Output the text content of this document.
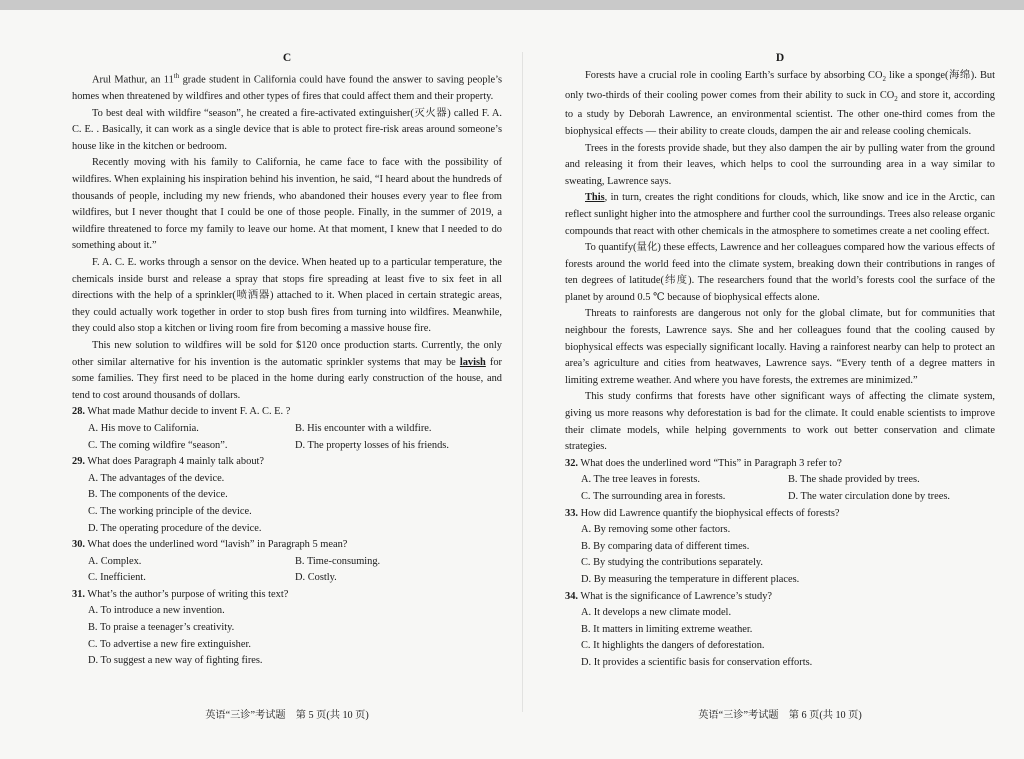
C

Arul Mathur, an 11th grade student in California could have found the answer to saving people’s homes when threatened by wildfires and other types of fires that could affect them and their property.

To best deal with wildfire “season”, he created a fire-activated extinguisher(灭火器) called F. A. C. E. . Basically, it can work as a single device that is able to protect fire-risk areas around someone’s house like in the kitchen or bedroom.

Recently moving with his family to California, he came face to face with the possibility of wildfires. When explaining his inspiration behind his invention, he said, “I heard about the hundreds of thousands of people, including my new friends, who abandoned their houses every year to flee from wildfires, but I never thought that I could be one of those people. Finally, in the summer of 2019, a wildfire threatened to force my family to leave our home. At that moment, I knew that I needed to do something about it.”

F. A. C. E. works through a sensor on the device. When heated up to a particular temperature, the chemicals inside burst and release a spray that stops fire spreading at least five to six feet in all directions with the help of a sprinkler(喷洒器) attached to it. When placed in certain strategic areas, they could actually work together in order to stop bush fires from turning into wildfires. Meanwhile, they could also stop a kitchen or living room fire from becoming a massive house fire.

This new solution to wildfires will be sold for $120 once production starts. Currently, the only other similar alternative for his invention is the automatic sprinkler systems that may be lavish for some families. They first need to be placed in the home during early construction of the house, and tend to cost around thousands of dollars.

28. What made Mathur decide to invent F. A. C. E. ?

A. His move to California.	B. His encounter with a wildfire.
C. The coming wildfire “season”.	D. The property losses of his friends.

29. What does Paragraph 4 mainly talk about?

A. The advantages of the device.
B. The components of the device.
C. The working principle of the device.
D. The operating procedure of the device.

30. What does the underlined word “lavish” in Paragraph 5 mean?

A. Complex.	B. Time-consuming.
C. Inefficient.	D. Costly.

31. What’s the author’s purpose of writing this text?

A. To introduce a new invention.
B. To praise a teenager’s creativity.
C. To advertise a new fire extinguisher.
D. To suggest a new way of fighting fires.
D

Forests have a crucial role in cooling Earth’s surface by absorbing $CO_2$ like a sponge(海绵). But only two-thirds of their cooling power comes from their ability to suck in $CO_2$ and store it, according to a study by Deborah Lawrence, an environmental scientist. The other one-third comes from the biophysical effects — their ability to create clouds, dampen the air and release cooling chemicals.

Trees in the forests provide shade, but they also dampen the air by pulling water from the ground and releasing it from their leaves, which helps to cool the surrounding area in a way similar to sweating, Lawrence says.

This, in turn, creates the right conditions for clouds, which, like snow and ice in the Arctic, can reflect sunlight higher into the atmosphere and further cool the surroundings. Trees also release organic compounds that react with other chemicals in the atmosphere to sometimes create a net cooling effect.

To quantify(量化) these effects, Lawrence and her colleagues compared how the various effects of forests around the world feed into the climate system, breaking down their contributions in ranges of ten degrees of latitude(纬度). The researchers found that the world’s forests cool the surface of the planet by around 0.5 ℃ because of biophysical effects alone.

Threats to rainforests are dangerous not only for the global climate, but for communities that neighbour the forests, Lawrence says. She and her colleagues found that the cooling caused by biophysical effects was especially significant locally. Having a rainforest nearby can help to protect an area’s agriculture and cities from heatwaves, Lawrence says. “Every tenth of a degree matters in limiting extreme weather. And where you have forests, the extremes are minimized.”

This study confirms that forests have other significant ways of affecting the climate system, giving us more reasons why deforestation is bad for the climate. It could enable scientists to improve their climate models, while helping governments to work out better conservation and climate strategies.

32. What does the underlined word “This” in Paragraph 3 refer to?

A. The tree leaves in forests.	B. The shade provided by trees.
C. The surrounding area in forests.	D. The water circulation done by trees.

33. How did Lawrence quantify the biophysical effects of forests?

A. By removing some other factors.
B. By comparing data of different times.
C. By studying the contributions separately.
D. By measuring the temperature in different places.

34. What is the significance of Lawrence’s study?

A. It develops a new climate model.
B. It matters in limiting extreme weather.
C. It highlights the dangers of deforestation.
D. It provides a scientific basis for conservation efforts.
英语“三诊”考试题　第 5 页(共 10 页)	英语“三诊”考试题　第 6 页(共 10 页)
